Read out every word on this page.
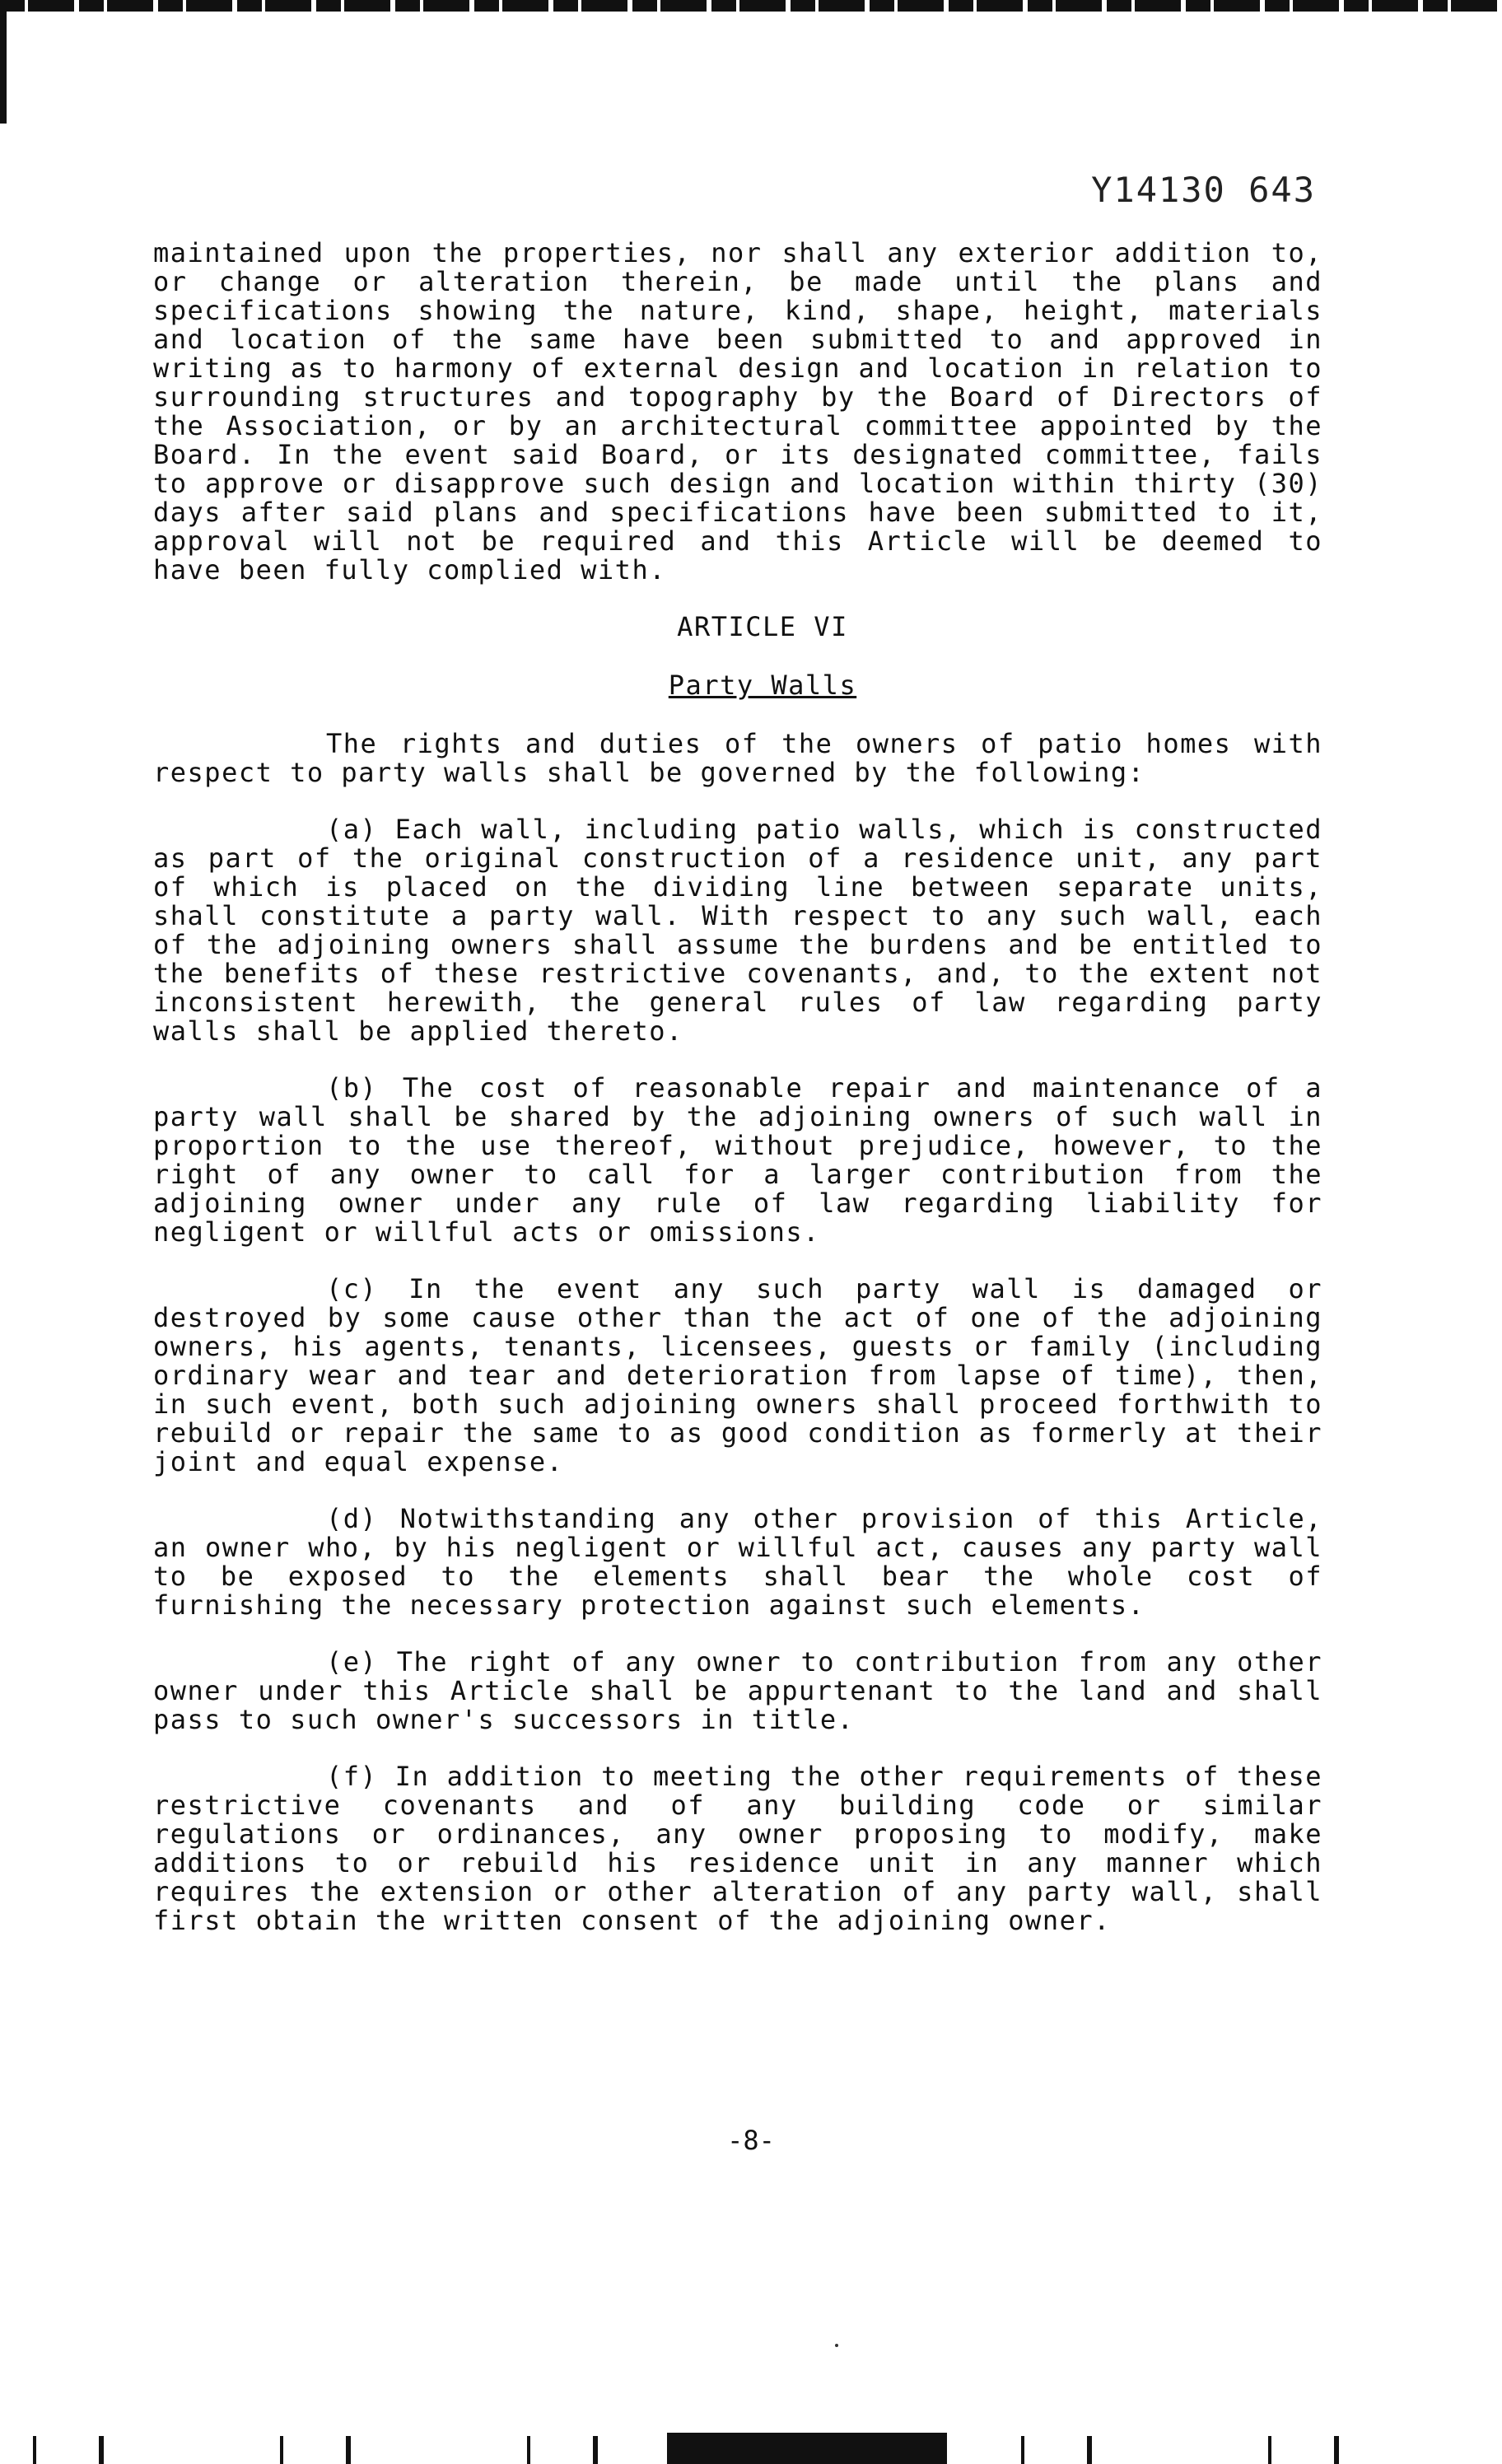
Y14130 643

maintained upon the properties, nor shall any exterior addition to, or change or alteration therein, be made until the plans and specifications showing the nature, kind, shape, height, materials and location of the same have been submitted to and approved in writing as to harmony of external design and location in relation to surrounding structures and topography by the Board of Directors of the Association, or by an architectural committee appointed by the Board. In the event said Board, or its designated committee, fails to approve or disapprove such design and location within thirty (30) days after said plans and specifications have been submitted to it, approval will not be required and this Article will be deemed to have been fully complied with.

ARTICLE VI
Party Walls

The rights and duties of the owners of patio homes with respect to party walls shall be governed by the following:

(a) Each wall, including patio walls, which is constructed as part of the original construction of a residence unit, any part of which is placed on the dividing line between separate units, shall constitute a party wall. With respect to any such wall, each of the adjoining owners shall assume the burdens and be entitled to the benefits of these restrictive covenants, and, to the extent not inconsistent herewith, the general rules of law regarding party walls shall be applied thereto.

(b) The cost of reasonable repair and maintenance of a party wall shall be shared by the adjoining owners of such wall in proportion to the use thereof, without prejudice, however, to the right of any owner to call for a larger contribution from the adjoining owner under any rule of law regarding liability for negligent or willful acts or omissions.

(c) In the event any such party wall is damaged or destroyed by some cause other than the act of one of the adjoining owners, his agents, tenants, licensees, guests or family (including ordinary wear and tear and deterioration from lapse of time), then, in such event, both such adjoining owners shall proceed forthwith to rebuild or repair the same to as good condition as formerly at their joint and equal expense.

(d) Notwithstanding any other provision of this Article, an owner who, by his negligent or willful act, causes any party wall to be exposed to the elements shall bear the whole cost of furnishing the necessary protection against such elements.

(e) The right of any owner to contribution from any other owner under this Article shall be appurtenant to the land and shall pass to such owner's successors in title.

(f) In addition to meeting the other requirements of these restrictive covenants and of any building code or similar regulations or ordinances, any owner proposing to modify, make additions to or rebuild his residence unit in any manner which requires the extension or other alteration of any party wall, shall first obtain the written consent of the adjoining owner.

-8-
